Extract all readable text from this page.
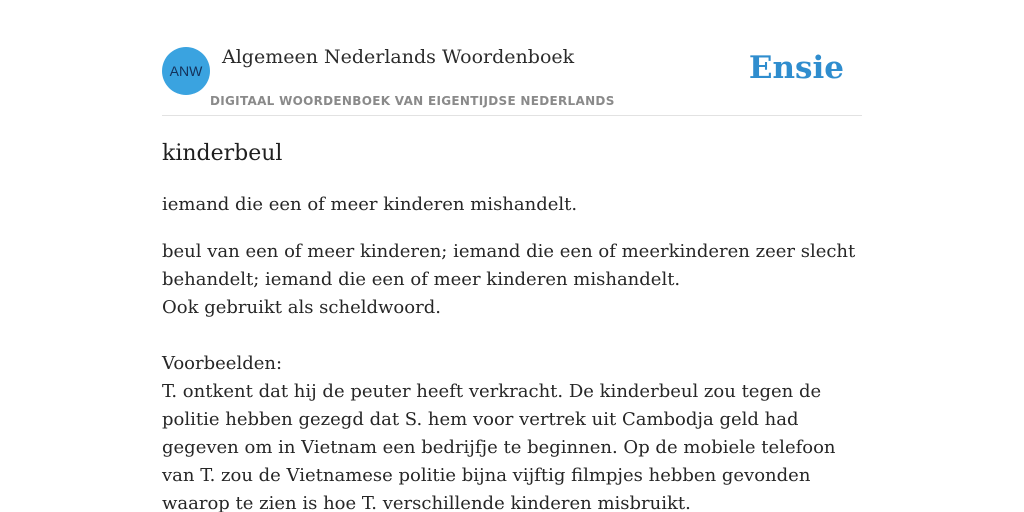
ANW
Algemeen Nederlands Woordenboek
DIGITAAL WOORDENBOEK VAN EIGENTIJDSE NEDERLANDS
Ensie
kinderbeul

iemand die een of meer kinderen mishandelt.

beul van een of meer kinderen; iemand die een of meerkinderen zeer slecht behandelt; iemand die een of meer kinderen mishandelt.
Ook gebruikt als scheldwoord.
Voorbeelden:
T. ontkent dat hij de peuter heeft verkracht. De kinderbeul zou tegen de politie hebben gezegd dat S. hem voor vertrek uit Cambodja geld had gegeven om in Vietnam een bedrijfje te beginnen. Op de mobiele telefoon van T. zou de Vietnamese politie bijna vijftig filmpjes hebben gevonden waarop te zien is hoe T. verschillende kinderen misbruikt.
